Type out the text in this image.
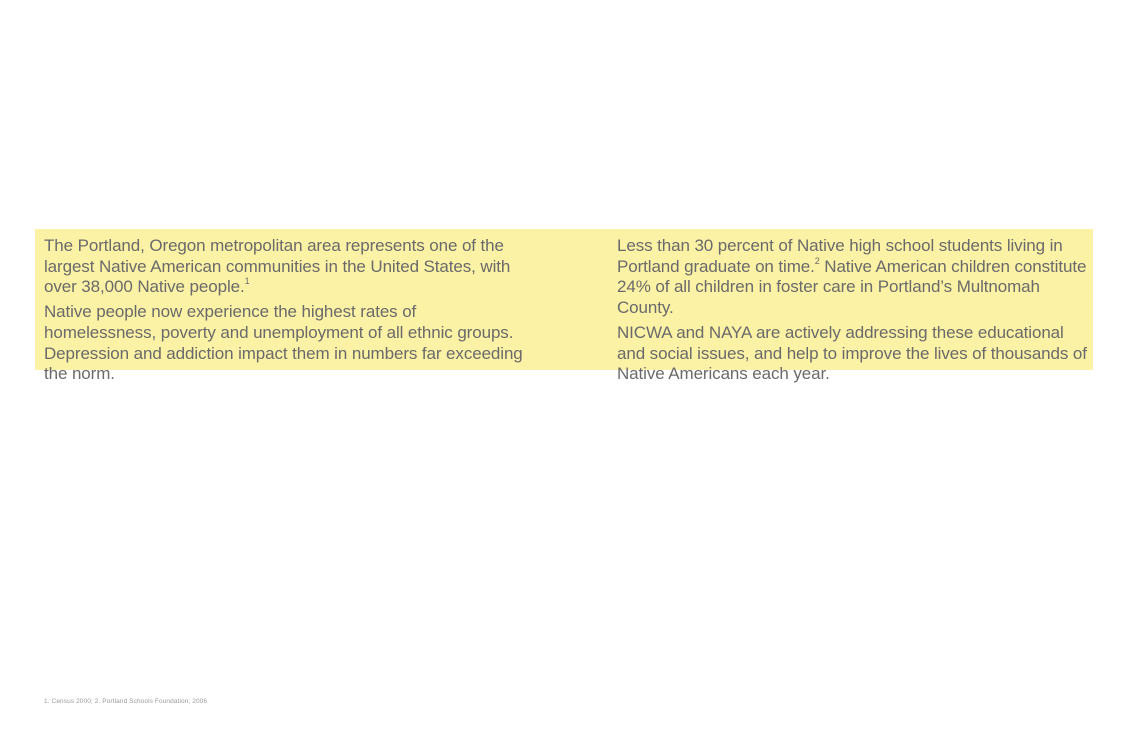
The Portland, Oregon metropolitan area represents one of the largest Native American communities in the United States, with over 38,000 Native people.$^1$

Native people now experience the highest rates of homelessness, poverty and unemployment of all ethnic groups. Depression and addiction impact them in numbers far exceeding the norm.

Less than 30 percent of Native high school students living in Portland graduate on time.$^2$ Native American children constitute 24% of all children in foster care in Portland’s Multnomah County.

NICWA and NAYA are actively addressing these educational and social issues, and help to improve the lives of thousands of Native Americans each year.

1. Census 2000; 2. Portland Schools Foundation; 2006
